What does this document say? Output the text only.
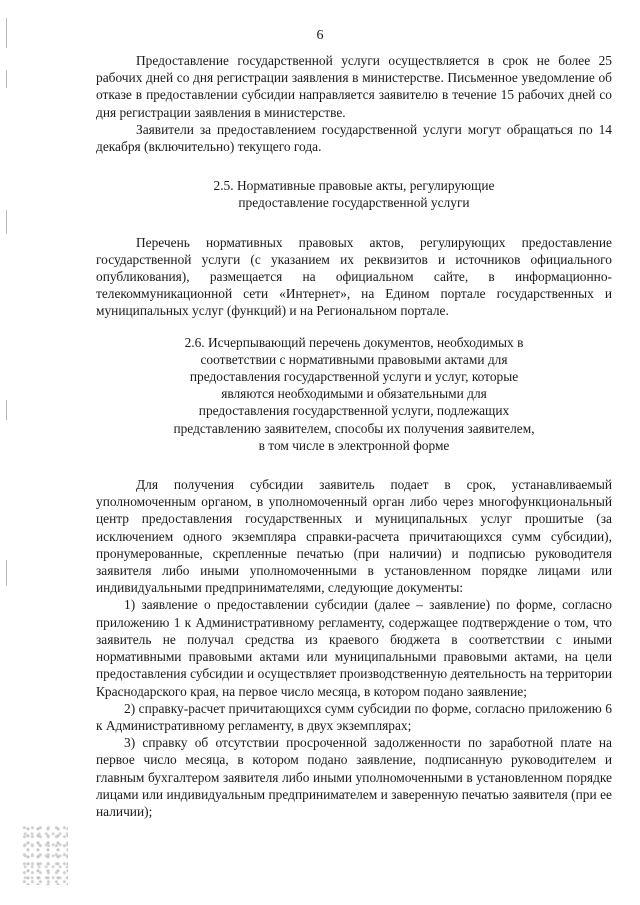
6

Предоставление государственной услуги осуществляется в срок не более 25 рабочих дней со дня регистрации заявления в министерстве. Письменное уведомление об отказе в предоставлении субсидии направляется заявителю в течение 15 рабочих дней со дня регистрации заявления в министерстве.

Заявители за предоставлением государственной услуги могут обращаться по 14 декабря (включительно) текущего года.

2.5. Нормативные правовые акты, регулирующие
предоставление государственной услуги

Перечень нормативных правовых актов, регулирующих предоставление государственной услуги (с указанием их реквизитов и источников официального опубликования), размещается на официальном сайте, в информационно-телекоммуникационной сети «Интернет», на Едином портале государственных и муниципальных услуг (функций) и на Региональном портале.

2.6. Исчерпывающий перечень документов, необходимых в
соответствии с нормативными правовыми актами для
предоставления государственной услуги и услуг, которые
являются необходимыми и обязательными для
предоставления государственной услуги, подлежащих
представлению заявителем, способы их получения заявителем,
в том числе в электронной форме

Для получения субсидии заявитель подает в срок, устанавливаемый уполномоченным органом, в уполномоченный орган либо через многофункциональный центр предоставления государственных и муниципальных услуг прошитые (за исключением одного экземпляра справки-расчета причитающихся сумм субсидии), пронумерованные, скрепленные печатью (при наличии) и подписью руководителя заявителя либо иными уполномоченными в установленном порядке лицами или индивидуальными предпринимателями, следующие документы:

1) заявление о предоставлении субсидии (далее – заявление) по форме, согласно приложению 1 к Административному регламенту, содержащее подтверждение о том, что заявитель не получал средства из краевого бюджета в соответствии с иными нормативными правовыми актами или муниципальными правовыми актами, на цели предоставления субсидии и осуществляет производственную деятельность на территории Краснодарского края, на первое число месяца, в котором подано заявление;

2) справку-расчет причитающихся сумм субсидии по форме, согласно приложению 6 к Административному регламенту, в двух экземплярах;

3) справку об отсутствии просроченной задолженности по заработной плате на первое число месяца, в котором подано заявление, подписанную руководителем и главным бухгалтером заявителя либо иными уполномоченными в установленном порядке лицами или индивидуальным предпринимателем и заверенную печатью заявителя (при ее наличии);
